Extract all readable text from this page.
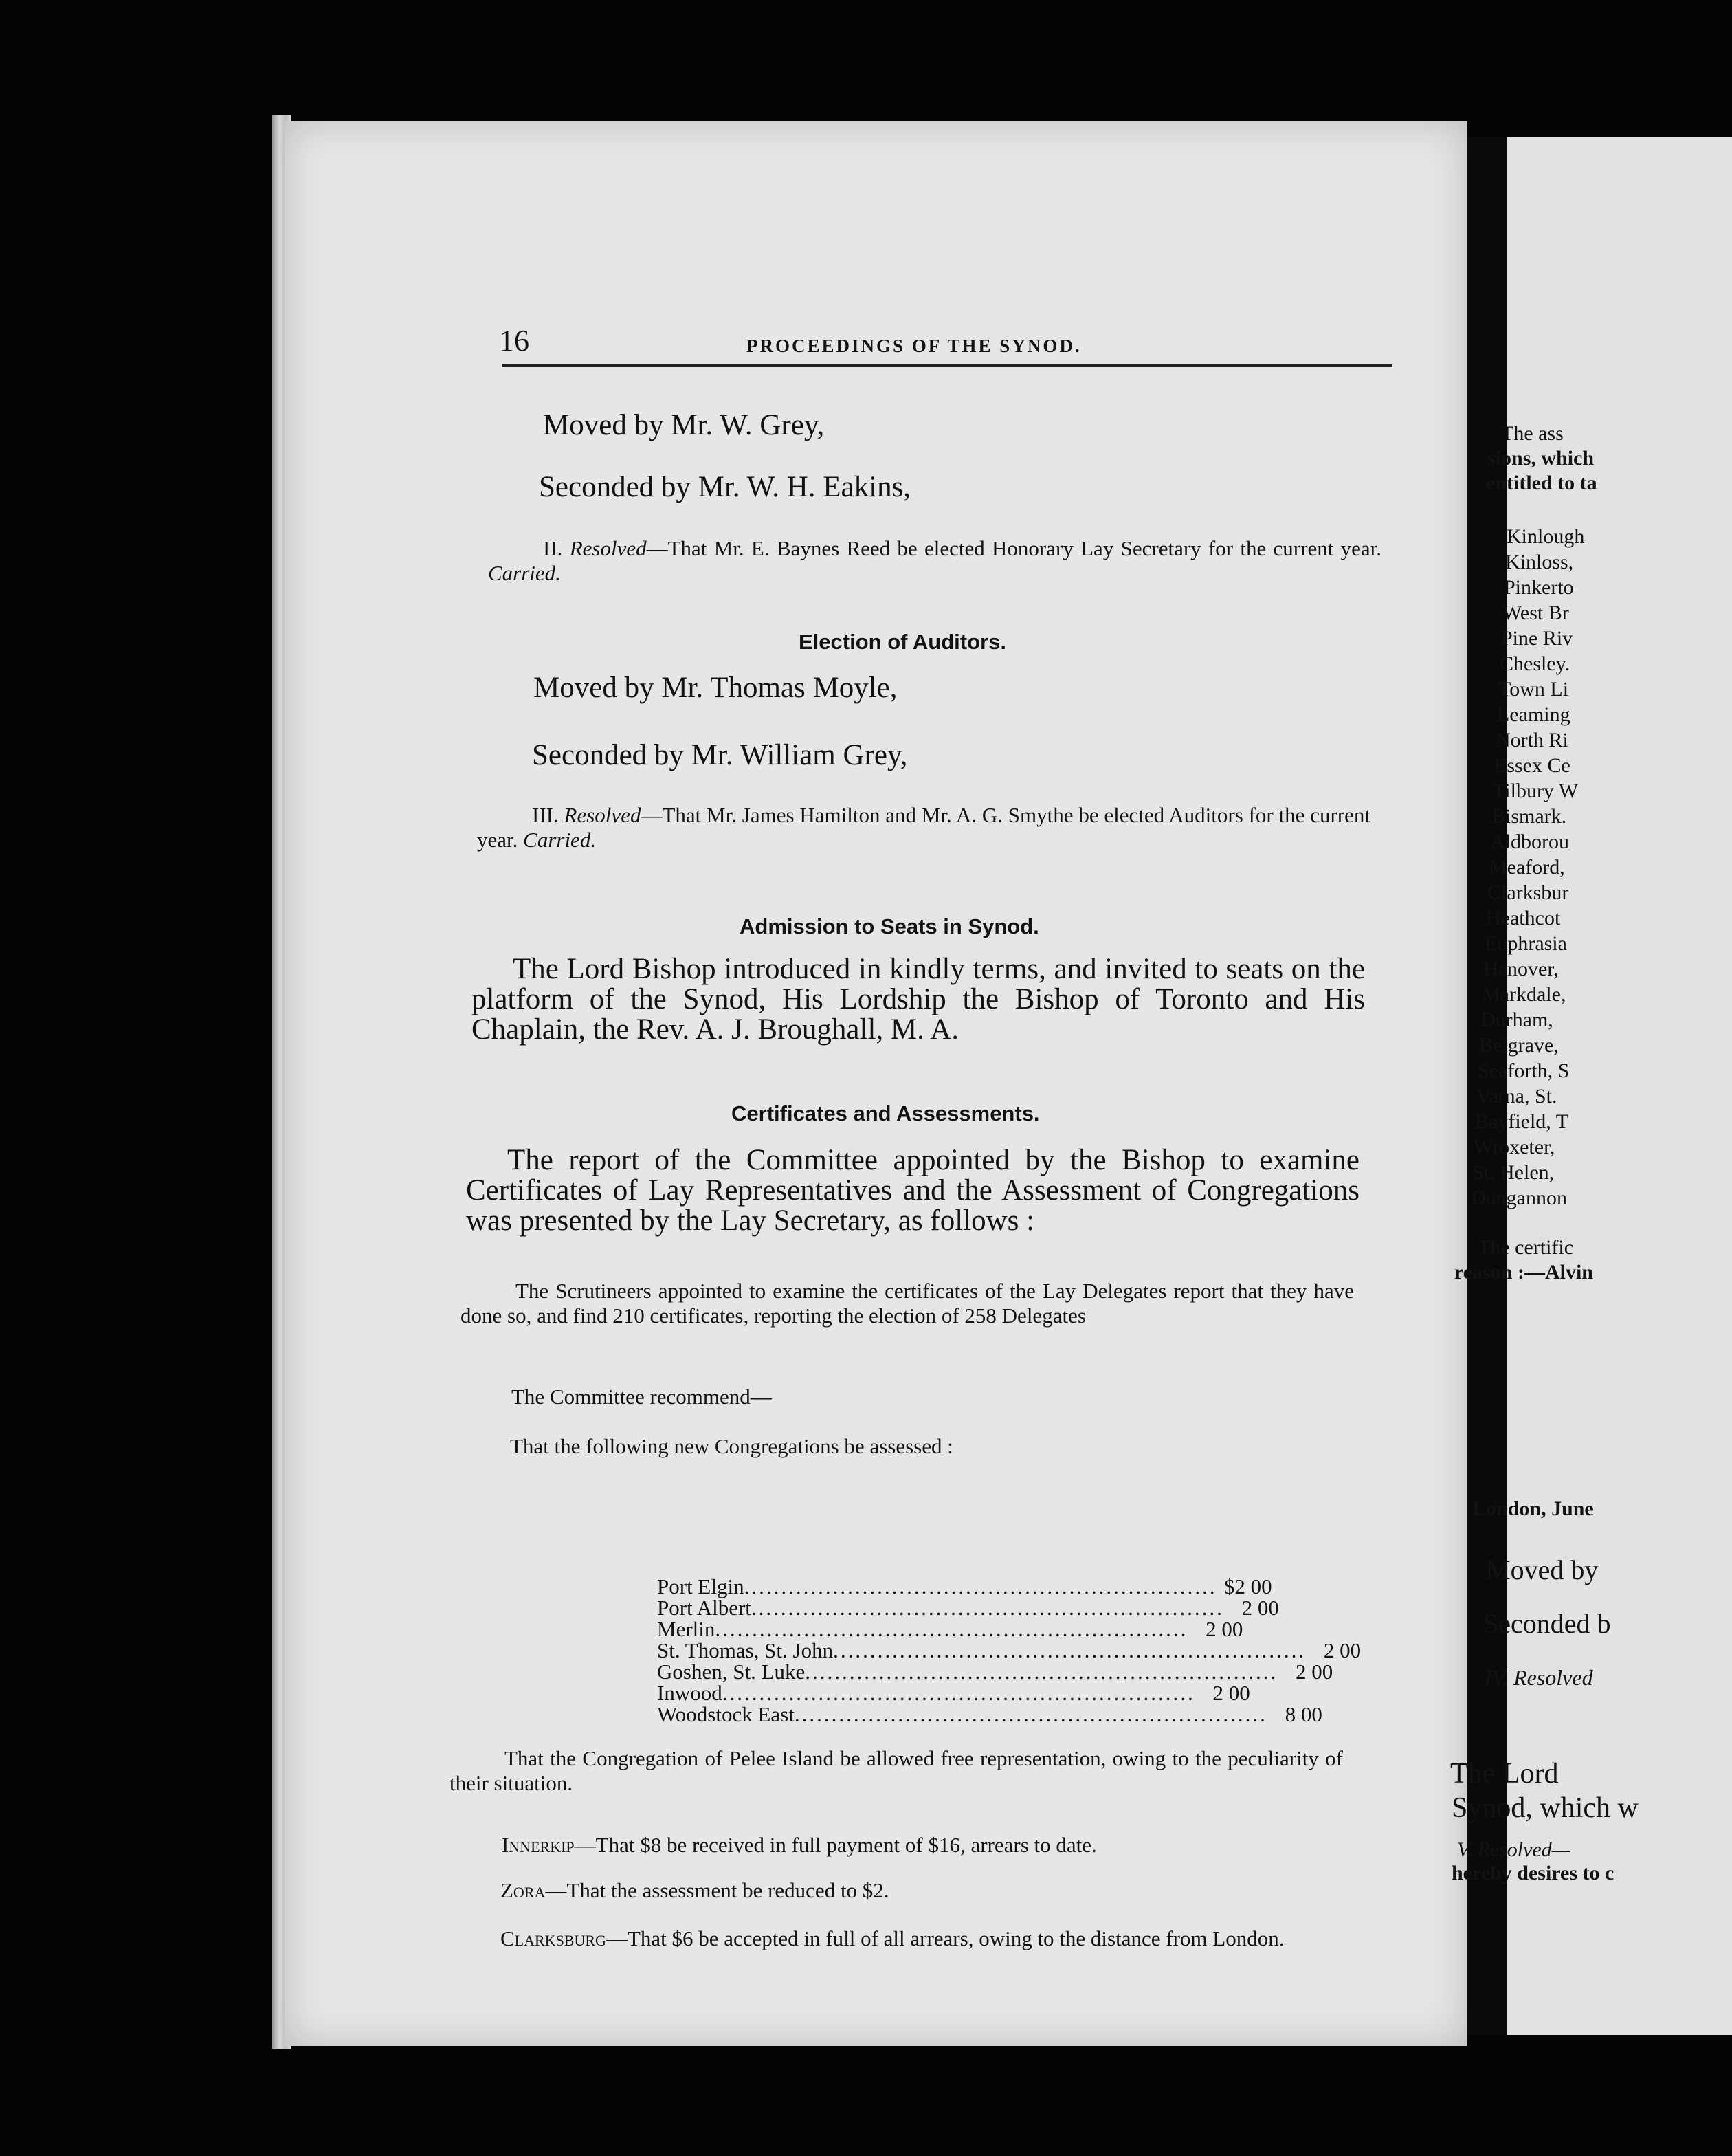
16	PROCEEDINGS OF THE SYNOD.
Moved by Mr. W. Grey,
Seconded by Mr. W. H. Eakins,
II. Resolved—That Mr. E. Baynes Reed be elected Honorary Lay Secretary for the current year. Carried.
Election of Auditors.
Moved by Mr. Thomas Moyle,
Seconded by Mr. William Grey,
III. Resolved—That Mr. James Hamilton and Mr. A. G. Smythe be elected Auditors for the current year. Carried.
Admission to Seats in Synod.
The Lord Bishop introduced in kindly terms, and invited to seats on the platform of the Synod, His Lordship the Bishop of Toronto and His Chaplain, the Rev. A. J. Broughall, M. A.
Certificates and Assessments.
The report of the Committee appointed by the Bishop to examine Certificates of Lay Representatives and the Assessment of Congregations was presented by the Lay Secretary, as follows :
The Scrutineers appointed to examine the certificates of the Lay Delegates report that they have done so, and find 210 certificates, reporting the election of 258 Delegates
The Committee recommend—
That the following new Congregations be assessed :
Port Elgin .....	$2 00
Port Albert .....	2 00
Merlin .....	2 00
St. Thomas, St. John .....	2 00
Goshen, St. Luke .....	2 00
Inwood .....	2 00
Woodstock East .....	8 00
That the Congregation of Pelee Island be allowed free representation, owing to the peculiarity of their situation.
Innerkip—That $8 be received in full payment of $16, arrears to date.
Zora—That the assessment be reduced to $2.
Clarksburg—That $6 be accepted in full of all arrears, owing to the distance from London.
The ass
sions, which
entitled to ta
Kinlough
Kinloss,
Pinkerto
West Br
Pine Riv
Chesley.
Town Li
Leaming
North Ri
Essex Ce
Tilbury W
Bismark.
Aldborou
Meaford,
Clarksbur
Heathcot
Euphrasia
Hanover,
Markdale,
Durham,
Belgrave,
Seaforth, S
Varna, St.
Bayfield, T
Wroxeter,
St. Helen,
Dungannon
The certific
reason :—Alvin
London, June
Moved by
Seconded b
IV. Resolved
The Lord
Synod, which w
V. Resolved—
hereby desires to c
